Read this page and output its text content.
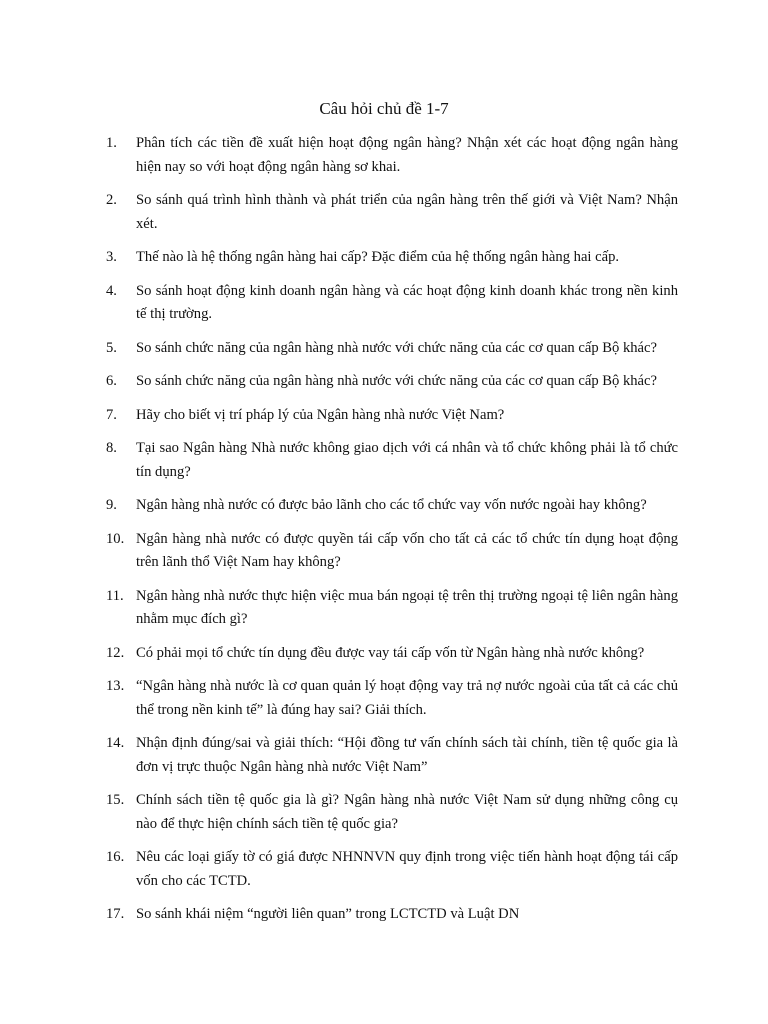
Câu hỏi chủ đề 1-7
1.	Phân tích các tiền đề xuất hiện hoạt động ngân hàng? Nhận xét các hoạt động ngân hàng hiện nay so với hoạt động ngân hàng sơ khai.
2.	So sánh quá trình hình thành và phát triển của ngân hàng trên thế giới và Việt Nam? Nhận xét.
3.	Thế nào là hệ thống ngân hàng hai cấp? Đặc điểm của hệ thống ngân hàng hai cấp.
4.	So sánh hoạt động kinh doanh ngân hàng và các hoạt động kinh doanh khác trong nền kinh tế thị trường.
5.	So sánh chức năng của ngân hàng nhà nước với chức năng của các cơ quan cấp Bộ khác?
6.	So sánh chức năng của ngân hàng nhà nước với chức năng của các cơ quan cấp Bộ khác?
7.	Hãy cho biết vị trí pháp lý của Ngân hàng nhà nước Việt Nam?
8.	Tại sao Ngân hàng Nhà nước không giao dịch với cá nhân và tổ chức không phải là tổ chức tín dụng?
9.	Ngân hàng nhà nước có được bảo lãnh cho các tổ chức vay vốn nước ngoài hay không?
10. Ngân hàng nhà nước có được quyền tái cấp vốn cho tất cả các tổ chức tín dụng hoạt động trên lãnh thổ Việt Nam hay không?
11. Ngân hàng nhà nước thực hiện việc mua bán ngoại tệ trên thị trường ngoại tệ liên ngân hàng nhằm mục đích gì?
12. Có phải mọi tổ chức tín dụng đều được vay tái cấp vốn từ Ngân hàng nhà nước không?
13. “Ngân hàng nhà nước là cơ quan quản lý hoạt động vay trả nợ nước ngoài của tất cả các chủ thể trong nền kinh tế” là đúng hay sai? Giải thích.
14. Nhận định đúng/sai và giải thích: “Hội đồng tư vấn chính sách tài chính, tiền tệ quốc gia là đơn vị trực thuộc Ngân hàng nhà nước Việt Nam”
15. Chính sách tiền tệ quốc gia là gì? Ngân hàng nhà nước Việt Nam sử dụng những công cụ nào để thực hiện chính sách tiền tệ quốc gia?
16. Nêu các loại giấy tờ có giá được NHNNVN quy định trong việc tiến hành hoạt động tái cấp vốn cho các TCTD.
17. So sánh khái niệm “người liên quan” trong LCTCTD và Luật DN
